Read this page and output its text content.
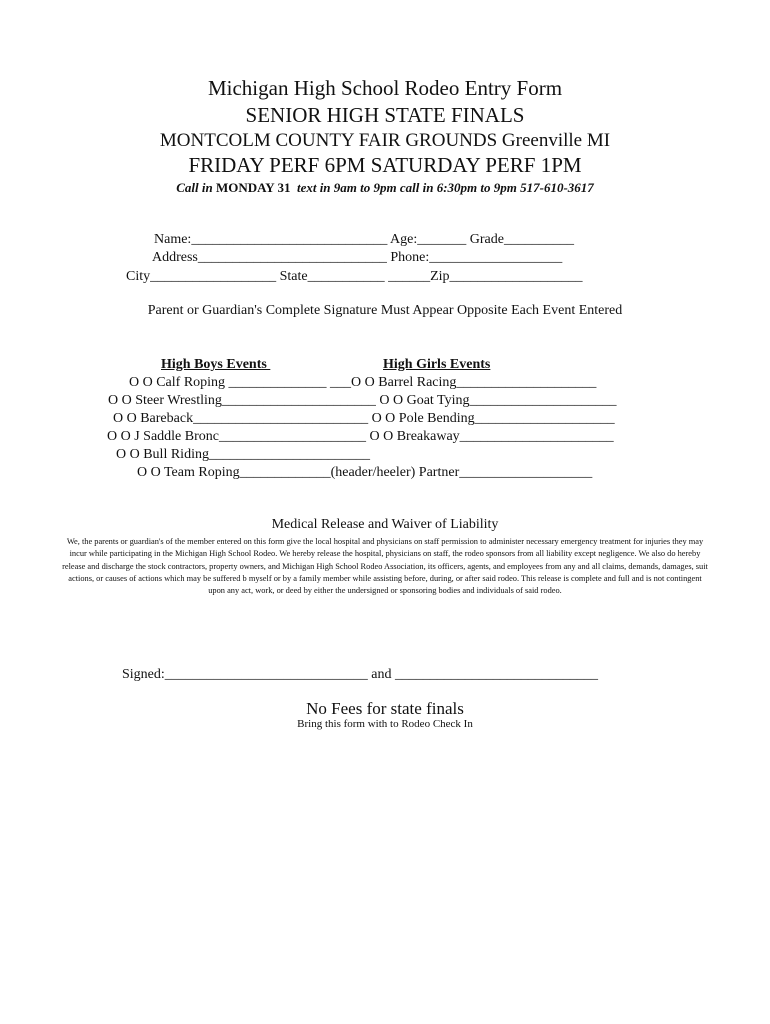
Michigan High School Rodeo Entry Form
SENIOR HIGH STATE FINALS
MONTCOLM COUNTY FAIR GROUNDS Greenville MI
FRIDAY PERF 6PM SATURDAY PERF 1PM
Call in MONDAY 31  text in 9am to 9pm call in 6:30pm to 9pm 517-610-3617
Name:____________________________ Age:_______ Grade__________
Address___________________________ Phone:___________________
City__________________ State___________ ______Zip___________________
Parent or Guardian's Complete Signature Must Appear Opposite Each Event Entered
High Boys Events	High Girls Events
O O Calf Roping ______________ ___O O Barrel Racing____________________
O O Steer Wrestling______________________ O O Goat Tying_____________________
O O Bareback_________________________ O O Pole Bending____________________
O O J Saddle Bronc_____________________ O O Breakaway______________________
O O Bull Riding_______________________
O O Team Roping_____________(header/heeler) Partner___________________
Medical Release and Waiver of Liability
We, the parents or guardian's of the member entered on this form give the local hospital and physicians on staff permission to administer necessary emergency treatment for injuries they may incur while participating in the Michigan High School Rodeo. We hereby release the hospital, physicians on staff, the rodeo sponsors from all liability except negligence. We also do hereby release and discharge the stock contractors, property owners, and Michigan High School Rodeo Association, its officers, agents, and employees from any and all claims, demands, damages, suit actions, or causes of actions which may be suffered b myself or by a family member while assisting before, during, or after said rodeo. This release is complete and full and is not contingent upon any act, work, or deed by either the undersigned or sponsoring bodies and individuals of said rodeo.
Signed:_____________________________ and _____________________________
No Fees for state finals
Bring this form with to Rodeo Check In
